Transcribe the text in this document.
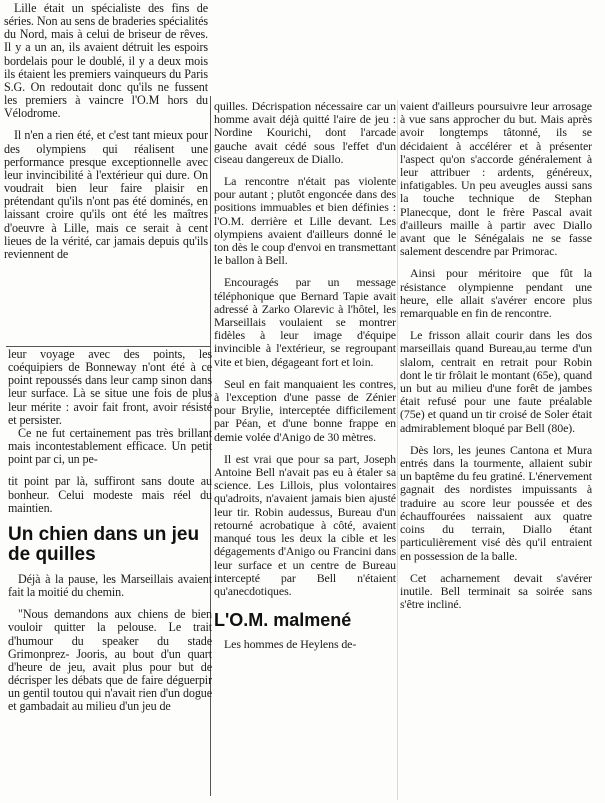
Lille était un spécialiste des fins de séries. Non au sens de braderies spécialités du Nord, mais à celui de briseur de rêves. Il y a un an, ils avaient détruit les espoirs bordelais pour le doublé, il y a deux mois ils étaient les premiers vainqueurs du Paris S.G. On redoutait donc qu'ils ne fussent les premiers à vaincre l'O.M hors du Vélodrome.

Il n'en a rien été, et c'est tant mieux pour des olympiens qui réalisent une performance presque exceptionnelle avec leur invincibilité à l'extérieur qui dure. On voudrait bien leur faire plaisir en prétendant qu'ils n'ont pas été dominés, en laissant croire qu'ils ont été les maîtres d'oeuvre à Lille, mais ce serait à cent lieues de la vérité, car jamais depuis qu'ils reviennent de

leur voyage avec des points, les coéquipiers de Bonneway n'ont été à ce point repoussés dans leur camp sinon dans leur surface. Là se situe une fois de plus leur mérite : avoir fait front, avoir résisté et persister.

Ce ne fut certainement pas très brillant mais incontestablement efficace. Un petit point par ci, un pe-

tit point par là, suffiront sans doute au bonheur. Celui modeste mais réel du maintien.

Un chien dans un jeu de quilles

Déjà à la pause, les Marseillais avaient fait la moitié du chemin.

"Nous demandons aux chiens de bien vouloir quitter la pelouse. Le trait d'humour du speaker du stade Grimonprez- Jooris, au bout d'un quart d'heure de jeu, avait plus pour but de décrisper les débats que de faire déguerpir un gentil toutou qui n'avait rien d'un dogue et gambadait au milieu d'un jeu de

quilles. Décrispation nécessaire car un homme avait déjà quitté l'aire de jeu : Nordine Kourichi, dont l'arcade gauche avait cédé sous l'effet d'un ciseau dangereux de Diallo.

La rencontre n'était pas violente pour autant ; plutôt engoncée dans des positions immuables et bien définies : l'O.M. derrière et Lille devant. Les olympiens avaient d'ailleurs donné le ton dès le coup d'envoi en transmettant le ballon à Bell.

Encouragés par un message téléphonique que Bernard Tapie avait adressé à Zarko Olarevic à l'hôtel, les Marseillais voulaient se montrer fidèles à leur image d'équipe invincible à l'extérieur, se regroupant vite et bien, dégageant fort et loin.

Seul en fait manquaient les contres, à l'exception d'une passe de Zénier pour Brylie, interceptée difficilement par Péan, et d'une bonne frappe en demie volée d'Anigo de 30 mètres.

Il est vrai que pour sa part, Joseph Antoine Bell n'avait pas eu à étaler sa science. Les Lillois, plus volontaires qu'adroits, n'avaient jamais bien ajusté leur tir. Robin audessus, Bureau d'un retourné acrobatique à côté, avaient manqué tous les deux la cible et les dégagements d'Anigo ou Francini dans leur surface et un centre de Bureau intercepté par Bell n'étaient qu'anecdotiques.

L'O.M. malmené

Les hommes de Heylens de-

vaient d'ailleurs poursuivre leur arrosage à vue sans approcher du but. Mais après avoir longtemps tâtonné, ils se décidaient à accélérer et à présenter l'aspect qu'on s'accorde généralement à leur attribuer : ardents, généreux, infatigables. Un peu aveugles aussi sans la touche technique de Stephan Planecque, dont le frère Pascal avait d'ailleurs maille à partir avec Diallo avant que le Sénégalais ne se fasse salement descendre par Primorac.

Ainsi pour méritoire que fût la résistance olympienne pendant une heure, elle allait s'avérer encore plus remarquable en fin de rencontre.

Le frisson allait courir dans les dos marseillais quand Bureau,au terme d'un slalom, centrait en retrait pour Robin dont le tir frôlait le montant (65e), quand un but au milieu d'une forêt de jambes était refusé pour une faute préalable (75e) et quand un tir croisé de Soler était admirablement bloqué par Bell (80e).

Dès lors, les jeunes Cantona et Mura entrés dans la tourmente, allaient subir un baptême du feu gratiné. L'énervement gagnait des nordistes impuissants à traduire au score leur poussée et des échauffourées naissaient aux quatre coins du terrain, Diallo étant particulièrement visé dès qu'il entraient en possession de la balle.

Cet acharnement devait s'avérer inutile. Bell terminait sa soirée sans s'être incliné.
